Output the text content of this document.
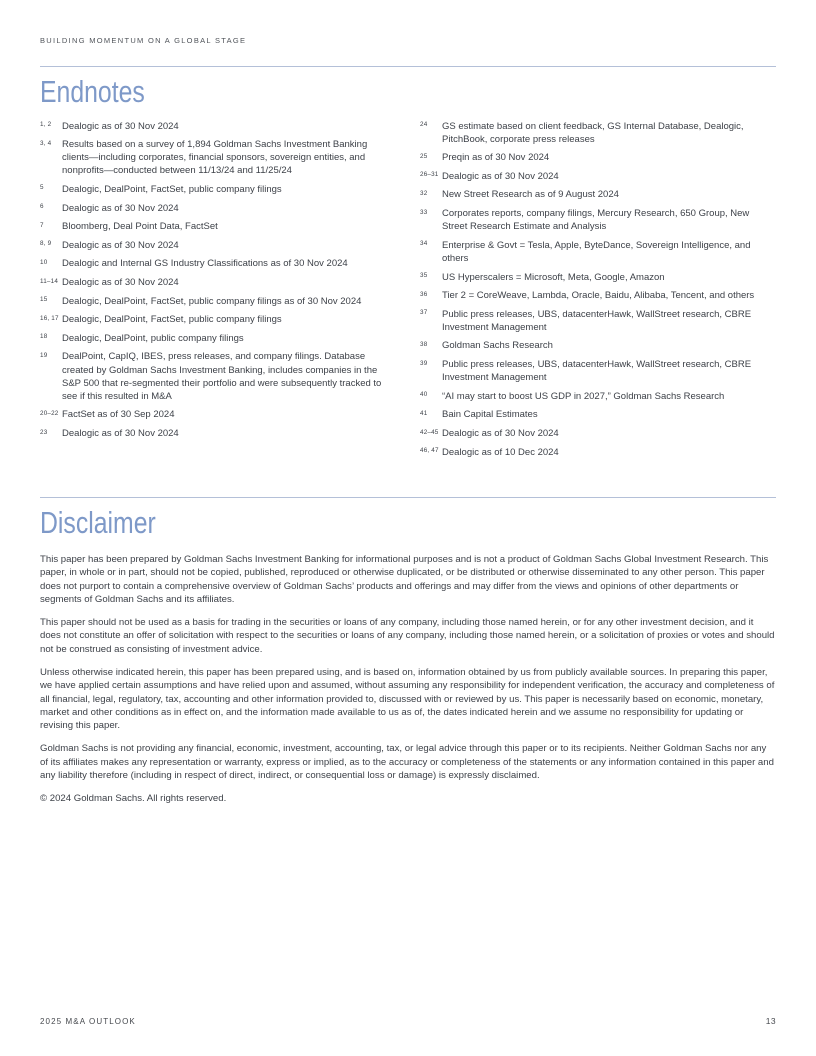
BUILDING MOMENTUM ON A GLOBAL STAGE
Endnotes
1, 2	Dealogic as of 30 Nov 2024
3, 4	Results based on a survey of 1,894 Goldman Sachs Investment Banking clients—including corporates, financial sponsors, sovereign entities, and nonprofits—conducted between 11/13/24 and 11/25/24
5	Dealogic, DealPoint, FactSet, public company filings
6	Dealogic as of 30 Nov 2024
7	Bloomberg, Deal Point Data, FactSet
8, 9	Dealogic as of 30 Nov 2024
10	Dealogic and Internal GS Industry Classifications as of 30 Nov 2024
11–14 Dealogic as of 30 Nov 2024
15	Dealogic, DealPoint, FactSet, public company filings as of 30 Nov 2024
16, 17 Dealogic, DealPoint, FactSet, public company filings
18	Dealogic, DealPoint, public company filings
19	DealPoint, CapIQ, IBES, press releases, and company filings. Database created by Goldman Sachs Investment Banking, includes companies in the S&P 500 that re-segmented their portfolio and were subsequently tracked to see if this resulted in M&A
20–22 FactSet as of 30 Sep 2024
23	Dealogic as of 30 Nov 2024
24	GS estimate based on client feedback, GS Internal Database, Dealogic, PitchBook, corporate press releases
25	Preqin as of 30 Nov 2024
26–31 Dealogic as of 30 Nov 2024
32	New Street Research as of 9 August 2024
33	Corporates reports, company filings, Mercury Research, 650 Group, New Street Research Estimate and Analysis
34	Enterprise & Govt = Tesla, Apple, ByteDance, Sovereign Intelligence, and others
35	US Hyperscalers = Microsoft, Meta, Google, Amazon
36	Tier 2 = CoreWeave, Lambda, Oracle, Baidu, Alibaba, Tencent, and others
37	Public press releases, UBS, datacenterHawk, WallStreet research, CBRE Investment Management
38	Goldman Sachs Research
39	Public press releases, UBS, datacenterHawk, WallStreet research, CBRE Investment Management
40	“AI may start to boost US GDP in 2027,” Goldman Sachs Research
41	Bain Capital Estimates
42–45 Dealogic as of 30 Nov 2024
46, 47 Dealogic as of 10 Dec 2024
Disclaimer

This paper has been prepared by Goldman Sachs Investment Banking for informational purposes and is not a product of Goldman Sachs Global Investment Research. This paper, in whole or in part, should not be copied, published, reproduced or otherwise duplicated, or be distributed or otherwise disseminated to any other person. This paper does not purport to contain a comprehensive overview of Goldman Sachs’ products and offerings and may differ from the views and opinions of other departments or segments of Goldman Sachs and its affiliates.

This paper should not be used as a basis for trading in the securities or loans of any company, including those named herein, or for any other investment decision, and it does not constitute an offer of solicitation with respect to the securities or loans of any company, including those named herein, or a solicitation of proxies or votes and should not be construed as consisting of investment advice.

Unless otherwise indicated herein, this paper has been prepared using, and is based on, information obtained by us from publicly available sources. In preparing this paper, we have applied certain assumptions and have relied upon and assumed, without assuming any responsibility for independent verification, the accuracy and completeness of all financial, legal, regulatory, tax, accounting and other information provided to, discussed with or reviewed by us. This paper is necessarily based on economic, monetary, market and other conditions as in effect on, and the information made available to us as of, the dates indicated herein and we assume no responsibility for updating or revising this paper.

Goldman Sachs is not providing any financial, economic, investment, accounting, tax, or legal advice through this paper or to its recipients. Neither Goldman Sachs nor any of its affiliates makes any representation or warranty, express or implied, as to the accuracy or completeness of the statements or any information contained in this paper and any liability therefore (including in respect of direct, indirect, or consequential loss or damage) is expressly disclaimed.

© 2024 Goldman Sachs. All rights reserved.

2025 M&A OUTLOOK	13
